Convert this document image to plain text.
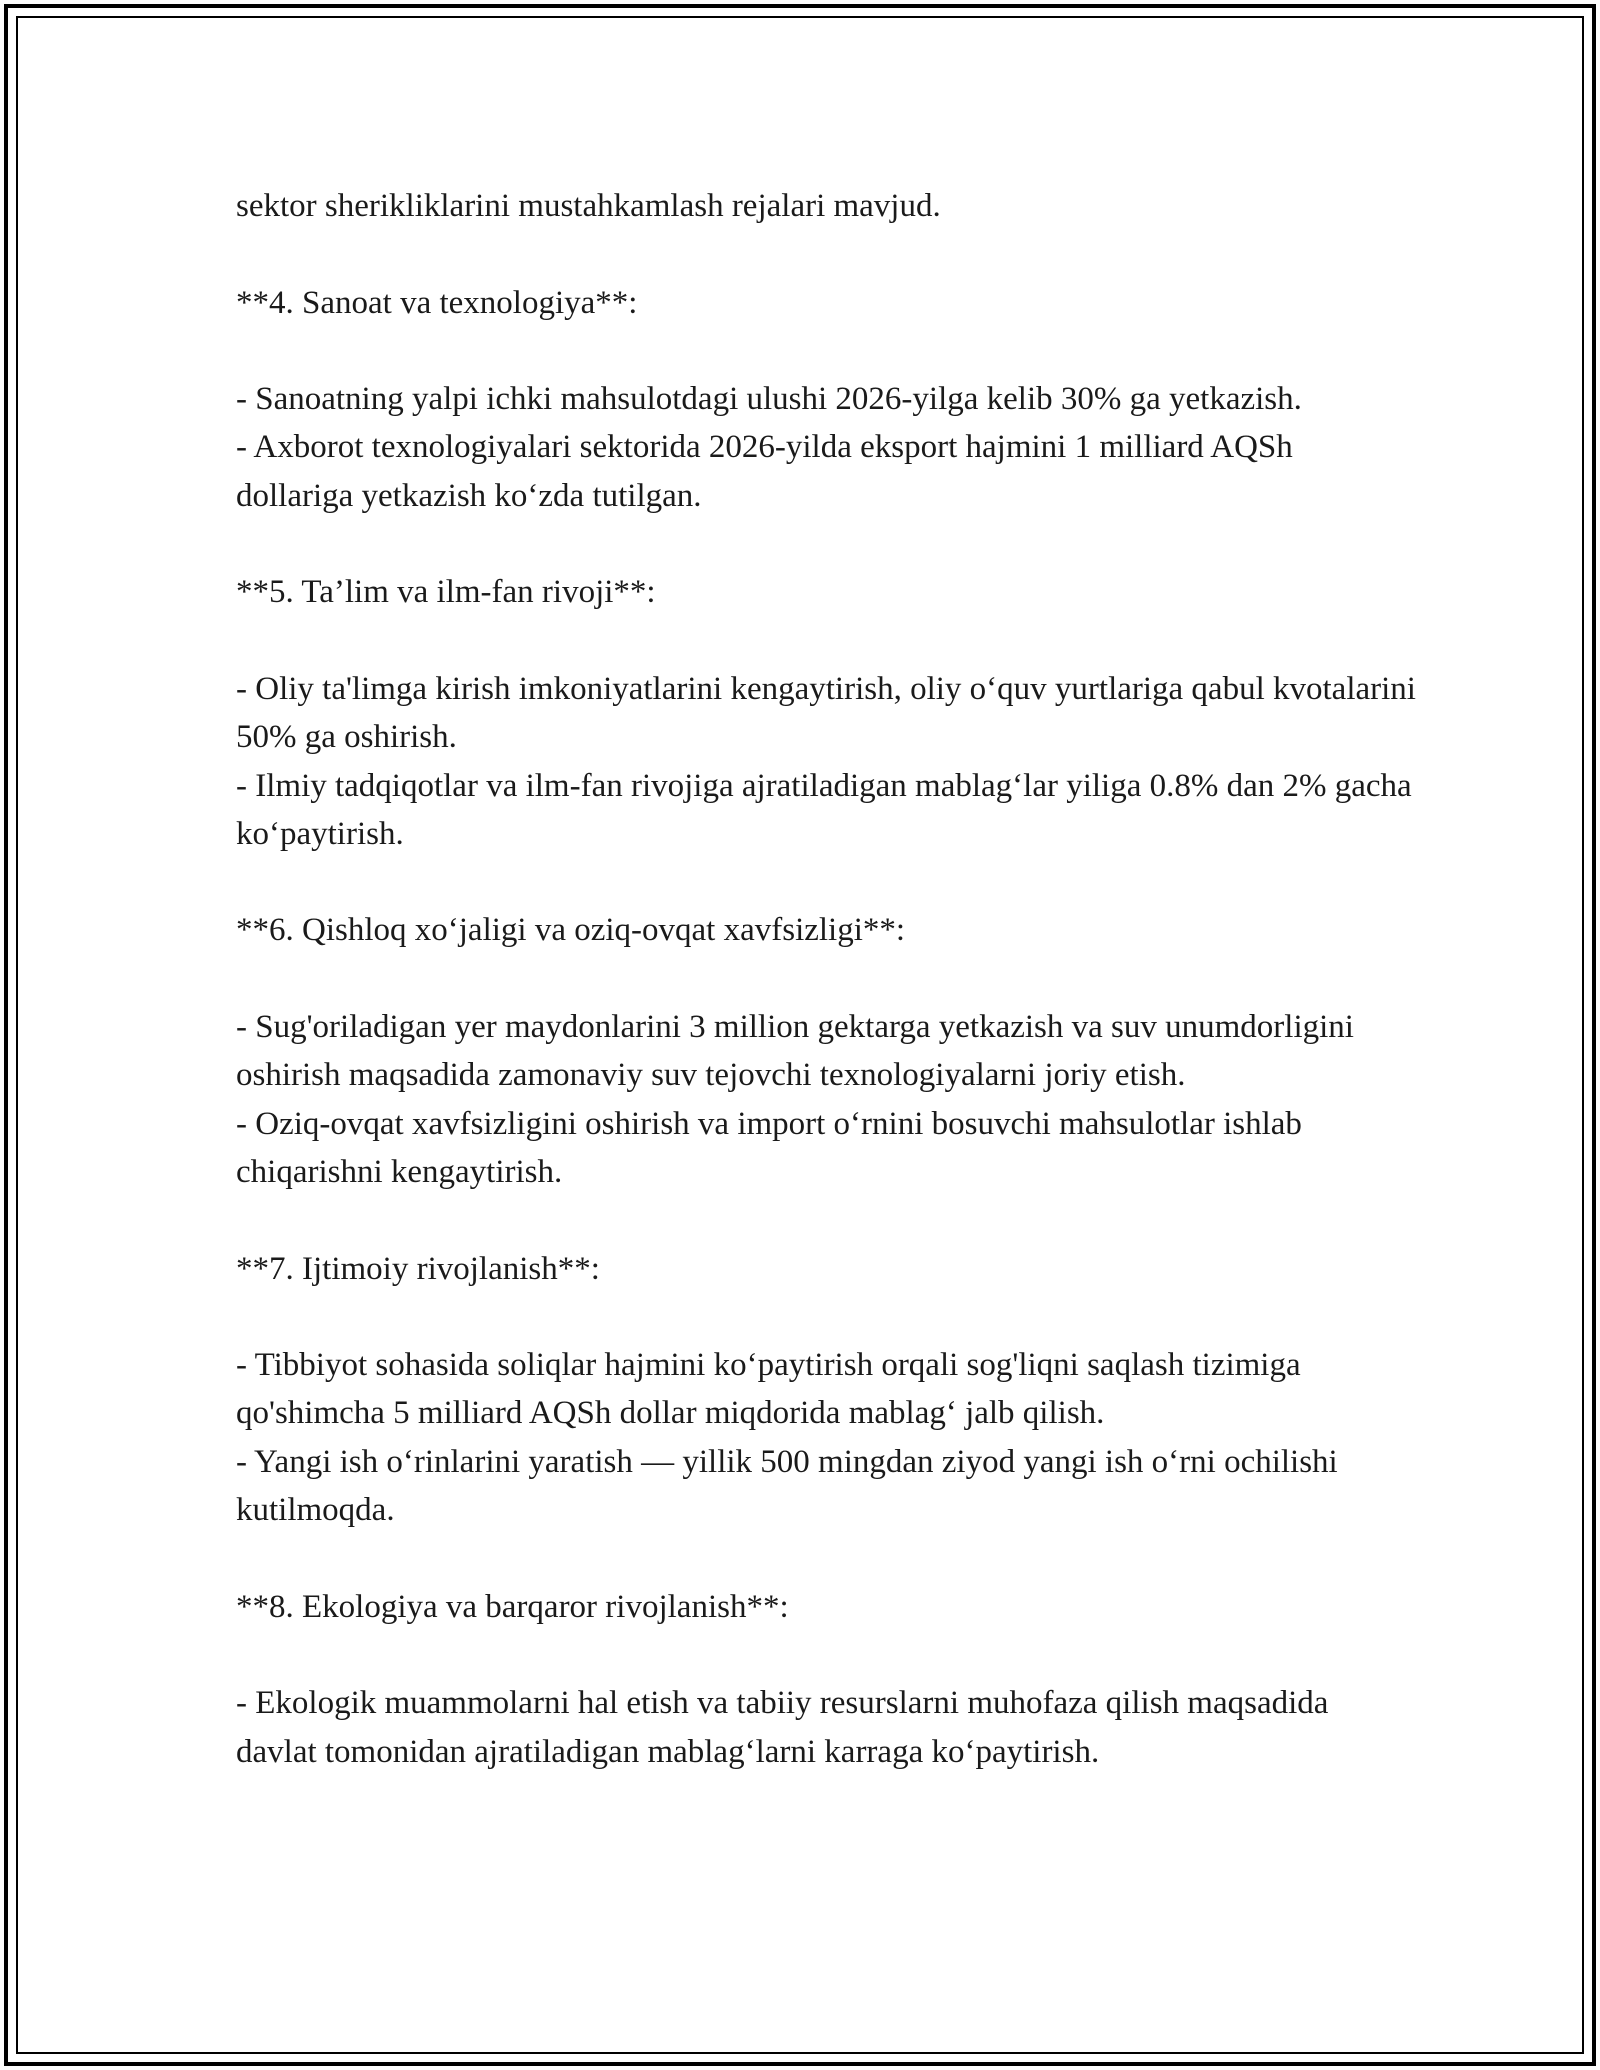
sektor sherikliklarini mustahkamlash rejalari mavjud.

**4. Sanoat va texnologiya**:

- Sanoatning yalpi ichki mahsulotdagi ulushi 2026-yilga kelib 30% ga yetkazish.

- Axborot texnologiyalari sektorida 2026-yilda eksport hajmini 1 milliard AQSh dollariga yetkazish ko‘zda tutilgan.

**5. Ta’lim va ilm-fan rivoji**:

- Oliy ta'limga kirish imkoniyatlarini kengaytirish, oliy o‘quv yurtlariga qabul kvotalarini 50% ga oshirish.

- Ilmiy tadqiqotlar va ilm-fan rivojiga ajratiladigan mablag‘lar yiliga 0.8% dan 2% gacha ko‘paytirish.

**6. Qishloq xo‘jaligi va oziq-ovqat xavfsizligi**:

- Sug'oriladigan yer maydonlarini 3 million gektarga yetkazish va suv unumdorligini oshirish maqsadida zamonaviy suv tejovchi texnologiyalarni joriy etish.

- Oziq-ovqat xavfsizligini oshirish va import o‘rnini bosuvchi mahsulotlar ishlab chiqarishni kengaytirish.

**7. Ijtimoiy rivojlanish**:

- Tibbiyot sohasida soliqlar hajmini ko‘paytirish orqali sog'liqni saqlash tizimiga qo'shimcha 5 milliard AQSh dollar miqdorida mablag‘ jalb qilish.

- Yangi ish o‘rinlarini yaratish — yillik 500 mingdan ziyod yangi ish o‘rni ochilishi kutilmoqda.

**8. Ekologiya va barqaror rivojlanish**:

- Ekologik muammolarni hal etish va tabiiy resurslarni muhofaza qilish maqsadida davlat tomonidan ajratiladigan mablag‘larni karraga ko‘paytirish.
